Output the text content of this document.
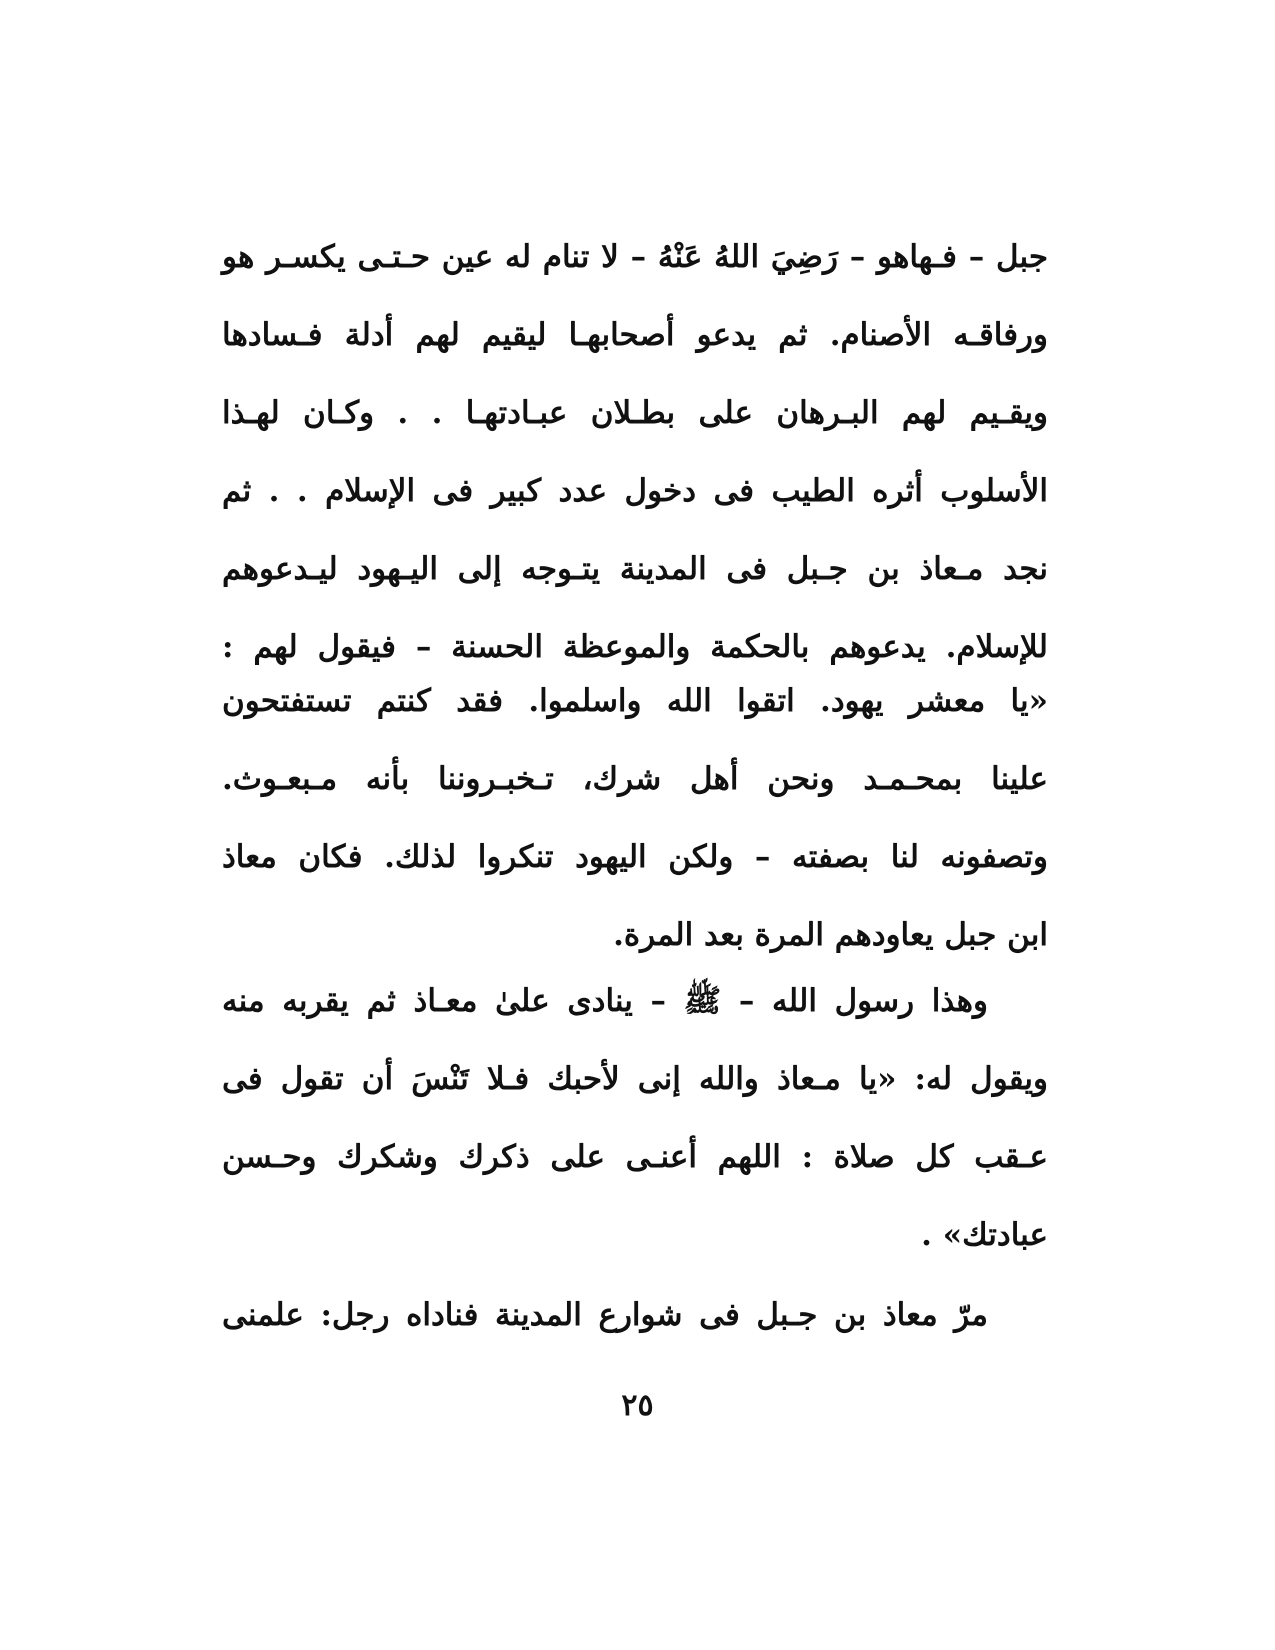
جبل – فـهاهو – رَضِيَ اللهُ عَنْهُ – لا تنام له عين حـتـى يكسـر هو
ورفاقـه الأصنام. ثم يدعو أصحابهـا ليقيم لهم أدلة فـسادها
ويقـيم لهم البـرهان على بطـلان عبـادتهـا . . وكـان لهـذا
الأسلوب أثره الطيب فى دخول عدد كبير فى الإسلام . . ثم
نجد مـعاذ بن جـبل فى المدينة يتـوجه إلى اليـهود ليـدعوهم
للإسلام. يدعوهم بالحكمة والموعظة الحسنة – فيقول لهم :
«يا معشر يهود. اتقوا الله واسلموا. فقد كنتم تستفتحون
علينا بمحـمـد ونحن أهل شرك، تـخبـروننا بأنه مـبعـوث.
وتصفونه لنا بصفته – ولكن اليهود تنكروا لذلك. فكان معاذ
ابن جبل يعاودهم المرة بعد المرة.
وهذا رسول الله – ﷺ – ينادى علىٰ معـاذ ثم يقربه منه
ويقول له: «يا مـعاذ والله إنى لأحبك فـلا تَنْسَ أن تقول فى
عـقب كل صلاة : اللهم أعنـى على ذكرك وشكرك وحـسن
عبادتك» .
مرّ معاذ بن جـبل فى شوارع المدينة فناداه رجل: علمنى
٢٥
